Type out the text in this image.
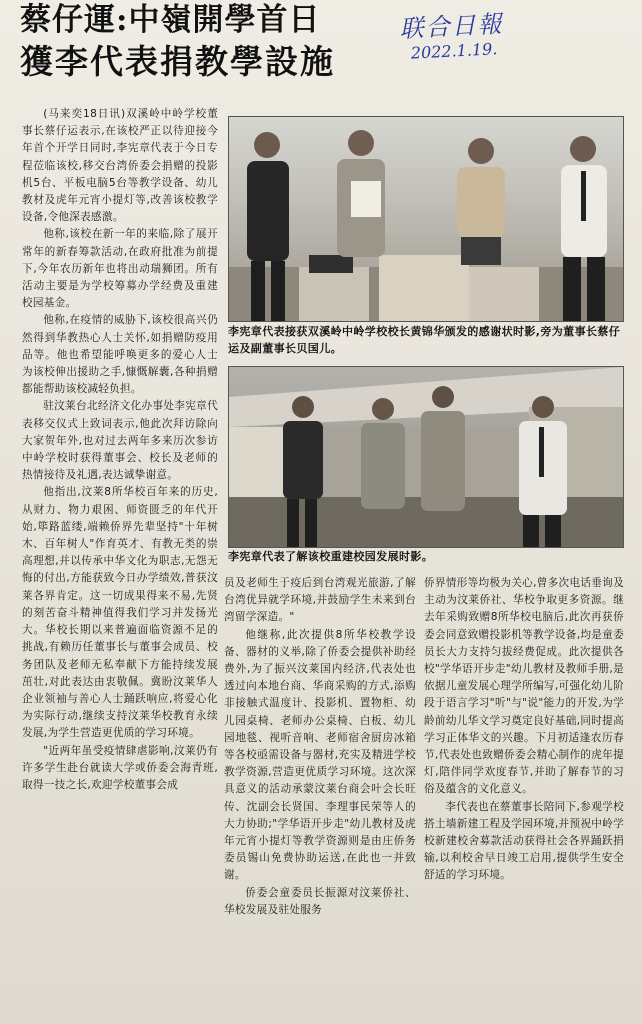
蔡仔運:中嶺開學首日
獲李代表捐教學設施
联合日報
2022.1.19.

(马来奕18日讯)双溪岭中岭学校董事长蔡仔运表示,在该校严正以待迎接今年首个开学日同时,李宪章代表于今日专程莅临该校,移交台湾侨委会捐赠的投影机5台、平板电脑5台等教学设备、幼儿教材及虎年元宵小提灯等,改善该校教学设备,令他深表感激。

他称,该校在新一年的来临,除了展开常年的新春筹款活动,在政府批准为前提下,今年农历新年也将出动瑞狮团。所有活动主要是为学校筹募办学经费及重建校园基金。

他称,在疫情的威胁下,该校很高兴仍然得到华教热心人士关怀,如捐赠防疫用品等。他也希望能呼唤更多的爱心人士为该校伸出援助之手,慷慨解囊,各种捐赠都能帮助该校减轻负担。

驻汶莱台北经济文化办事处李宪章代表移交仪式上致词表示,他此次拜访除向大家贺年外,也对过去两年多来历次参访中岭学校时获得董事会、校长及老师的热情接待及礼遇,表达诚挚谢意。

他指出,汶莱8所华校百年来的历史,从财力、物力艰困、师资匮乏的年代开始,筚路蓝缕,端赖侨界先辈坚持"十年树木、百年树人"作育英才、有教无类的崇高理想,并以传承中华文化为职志,无怨无悔的付出,方能获致今日办学绩效,普获汶莱各界肯定。这一切成果得来不易,先贤的刻苦奋斗精神值得我们学习并发扬光大。华校长期以来普遍面临资源不足的挑战,有赖历任董事长与董事会成员、校务团队及老师无私奉献下方能持续发展茁壮,对此表达由衷敬佩。冀盼汶莱华人企业领袖与善心人士踊跃响应,将爱心化为实际行动,继续支持汶莱华校教育永续发展,为学生营造更优质的学习环境。

"近两年虽受疫情肆虐影响,汶莱仍有许多学生赴台就读大学或侨委会海青班,取得一技之长,欢迎学校董事会成

李宪章代表接获双溪岭中岭学校校长黄锦华颁发的感谢状时影,旁为董事长蔡仔运及副董事长贝国儿。
李宪章代表了解该校重建校园发展时影。

员及老师生于疫后到台湾观光旅游,了解台湾优异就学环境,并鼓励学生未来到台湾留学深造。"

他继称,此次提供8所华校教学设备、器材的义举,除了侨委会提供补助经费外,为了振兴汶莱国内经济,代表处也透过向本地台商、华商采购的方式,添购非接触式温度计、投影机、置物柜、幼儿园桌椅、老师办公桌椅、白板、幼儿园地毯、视听音响、老师宿舍厨房冰箱等各校亟需设备与器材,充实及精进学校教学资源,营造更优质学习环境。这次深具意义的活动承蒙汶莱台商会叶会长旺传、沈副会长贤国、李理事民荣等人的大力协助;"学华语开步走"幼儿教材及虎年元宵小提灯等教学资源则是由庄侨务委员锡山免费协助运送,在此也一并致谢。

侨委会童委员长振源对汶莱侨社、华校发展及驻处服务

侨界情形等均极为关心,曾多次电话垂询及主动为汶莱侨社、华校争取更多资源。继去年采购致赠8所华校电脑后,此次再获侨委会同意致赠投影机等教学设备,均是童委员长大力支持匀拔经费促成。此次提供各校"学华语开步走"幼儿教材及教师手册,是依据儿童发展心理学所编写,可强化幼儿阶段于语言学习"听"与"说"能力的开发,为学龄前幼儿华文学习奠定良好基础,同时提高学习正体华文的兴趣。下月初适逢农历春节,代表处也致赠侨委会精心制作的虎年提灯,陪伴同学欢度春节,并助了解春节的习俗及蕴含的文化意义。

李代表也在蔡董事长陪同下,参观学校搭土墙新建工程及学园环境,并预祝中岭学校新建校舍募款活动获得社会各界踊跃捐输,以利校舍早日竣工启用,提供学生安全舒适的学习环境。
